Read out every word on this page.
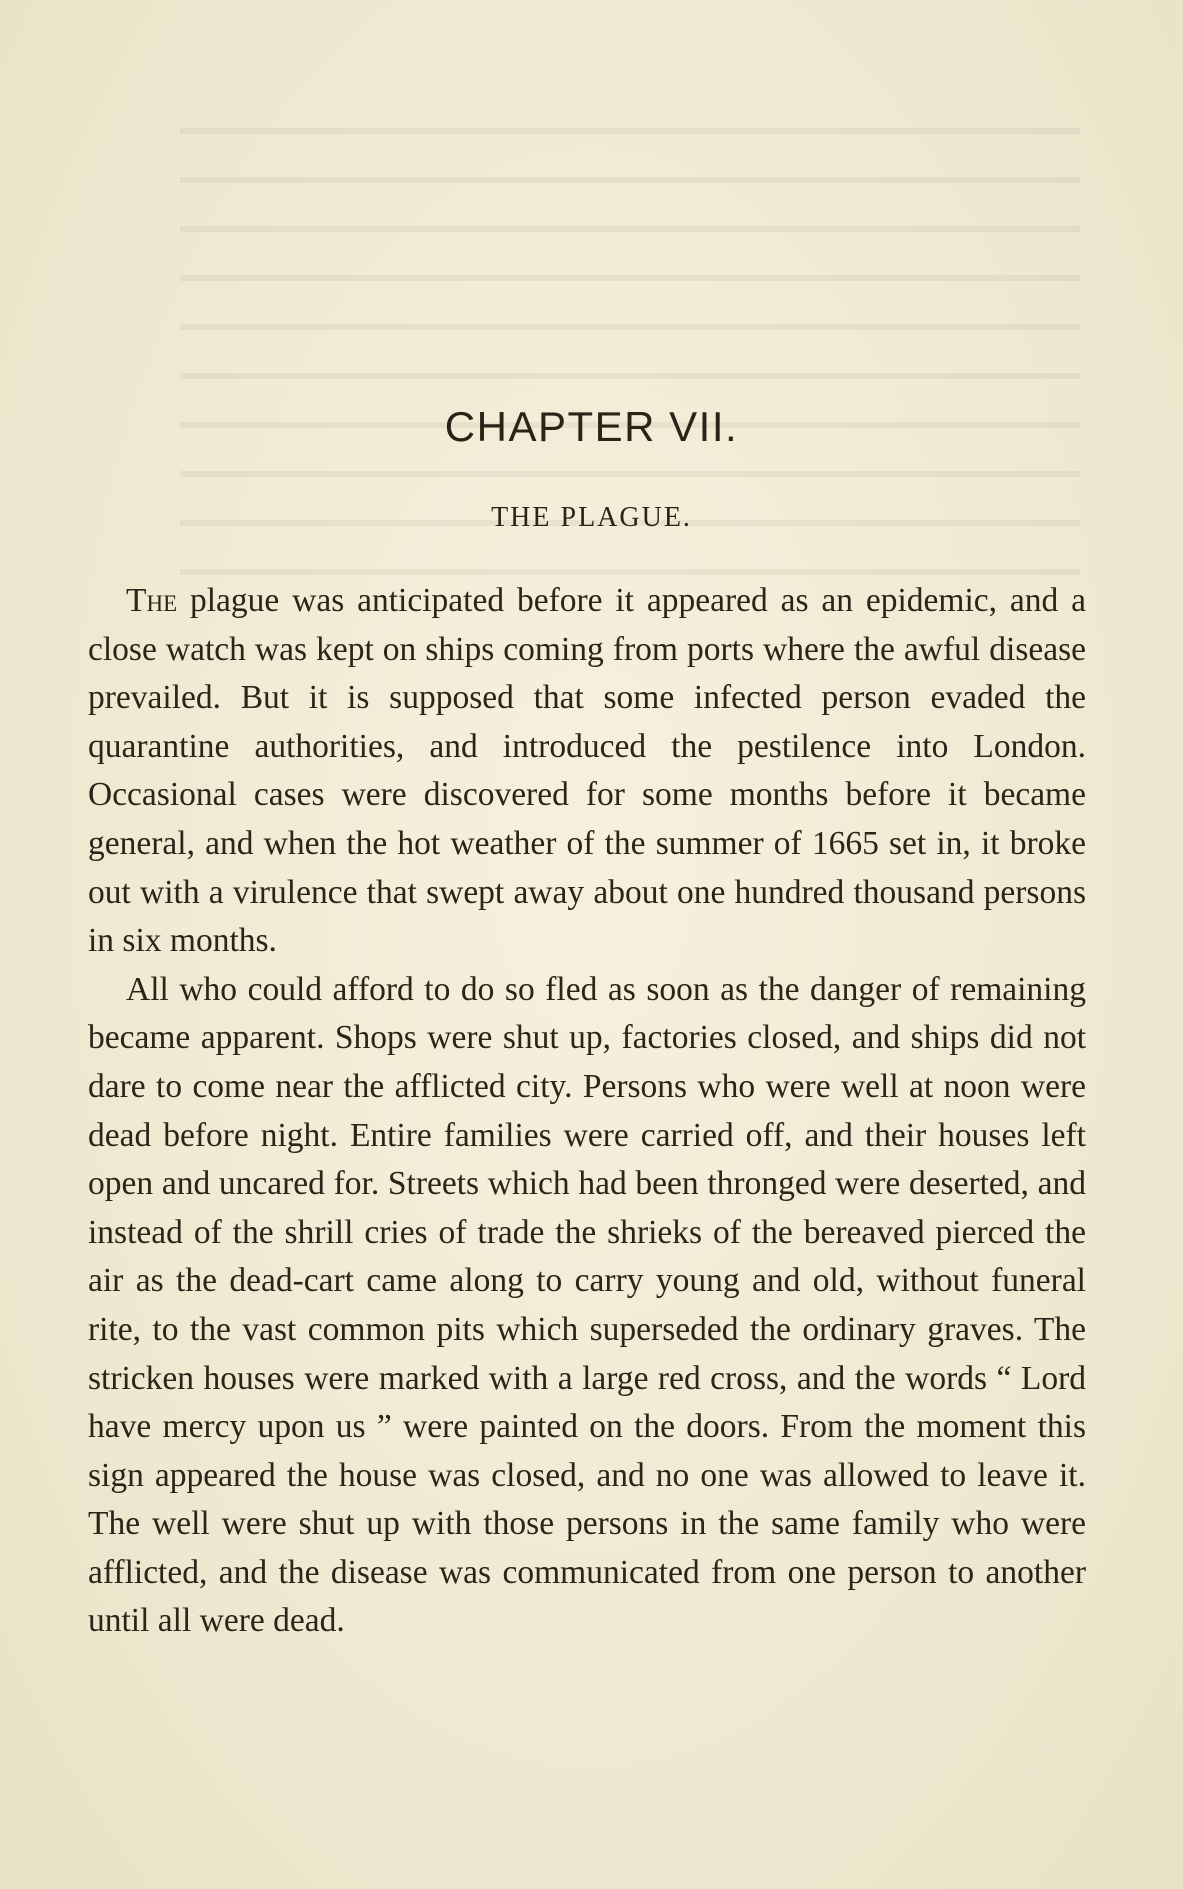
CHAPTER VII.
THE PLAGUE.

The plague was anticipated before it appeared as an epidemic, and a close watch was kept on ships coming from ports where the awful disease prevailed. But it is supposed that some infected person evaded the quarantine authorities, and introduced the pestilence into London. Occasional cases were discovered for some months before it became general, and when the hot weather of the summer of 1665 set in, it broke out with a virulence that swept away about one hundred thousand persons in six months.

All who could afford to do so fled as soon as the danger of remaining became apparent. Shops were shut up, factories closed, and ships did not dare to come near the afflicted city. Persons who were well at noon were dead before night. Entire families were carried off, and their houses left open and uncared for. Streets which had been thronged were deserted, and instead of the shrill cries of trade the shrieks of the bereaved pierced the air as the dead-cart came along to carry young and old, without funeral rite, to the vast common pits which superseded the ordinary graves. The stricken houses were marked with a large red cross, and the words “ Lord have mercy upon us ” were painted on the doors. From the moment this sign appeared the house was closed, and no one was allowed to leave it. The well were shut up with those persons in the same family who were afflicted, and the disease was communicated from one person to another until all were dead.
